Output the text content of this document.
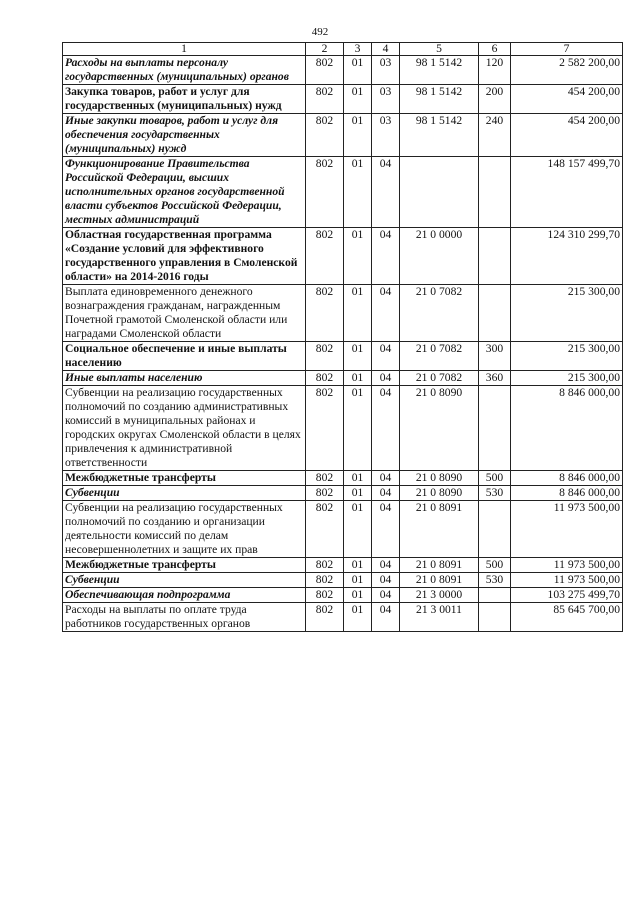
492
1	2	3	4	5	6	7
Расходы на выплаты персоналу государственных (муниципальных) органов	802	01	03	98 1 5142	120	2 582 200,00
Закупка товаров, работ и услуг для государственных (муниципальных) нужд	802	01	03	98 1 5142	200	454 200,00
Иные закупки товаров, работ и услуг для обеспечения государственных (муниципальных) нужд	802	01	03	98 1 5142	240	454 200,00
Функционирование Правительства Российской Федерации, высших исполнительных органов государственной власти субъектов Российской Федерации, местных администраций	802	01	04			148 157 499,70
Областная государственная программа «Создание условий для эффективного государственного управления в Смоленской области» на 2014-2016 годы	802	01	04	21 0 0000		124 310 299,70
Выплата единовременного денежного вознаграждения гражданам, награжденным Почетной грамотой Смоленской области или наградами Смоленской области	802	01	04	21 0 7082		215 300,00
Социальное обеспечение и иные выплаты населению	802	01	04	21 0 7082	300	215 300,00
Иные выплаты населению	802	01	04	21 0 7082	360	215 300,00
Субвенции на реализацию государственных полномочий по созданию административных комиссий в муниципальных районах и городских округах Смоленской области в целях привлечения к административной ответственности	802	01	04	21 0 8090		8 846 000,00
Межбюджетные трансферты	802	01	04	21 0 8090	500	8 846 000,00
Субвенции	802	01	04	21 0 8090	530	8 846 000,00
Субвенции на реализацию государственных полномочий по созданию и организации деятельности комиссий по делам несовершеннолетних и защите их прав	802	01	04	21 0 8091		11 973 500,00
Межбюджетные трансферты	802	01	04	21 0 8091	500	11 973 500,00
Субвенции	802	01	04	21 0 8091	530	11 973 500,00
Обеспечивающая подпрограмма	802	01	04	21 3 0000		103 275 499,70
Расходы на выплаты по оплате труда работников государственных органов	802	01	04	21 3 0011		85 645 700,00
